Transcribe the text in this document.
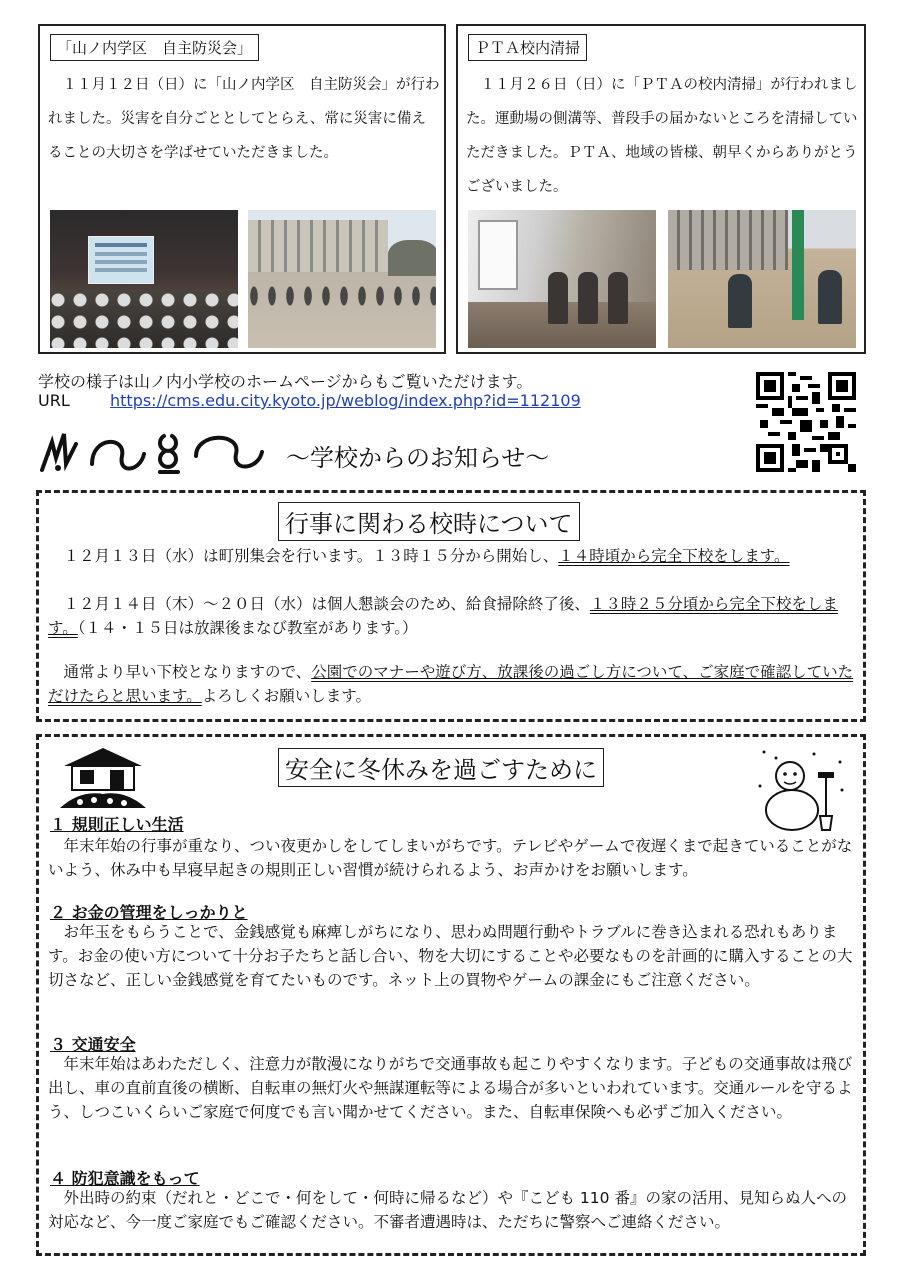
「山ノ内学区　自主防災会」

　１１月１２日（日）に「山ノ内学区　自主防災会」が行われました。災害を自分ごととしてとらえ、常に災害に備えることの大切さを学ばせていただきました。

ＰＴＡ校内清掃

　１１月２６日（日）に「ＰＴＡの校内清掃」が行われました。運動場の側溝等、普段手の届かないところを清掃していただきました。ＰＴＡ、地域の皆様、朝早くからありがとうございました。

学校の様子は山ノ内小学校のホームページからもご覧いただけます。
URL	https://cms.edu.city.kyoto.jp/weblog/index.php?id=112109
～学校からのお知らせ～
行事に関わる校時について
　１２月１３日（水）は町別集会を行います。１３時１５分から開始し、１４時頃から完全下校をします。
　１２月１４日（木）～２０日（水）は個人懇談会のため、給食掃除終了後、１３時２５分頃から完全下校をします。（１４・１５日は放課後まなび教室があります。）
　通常より早い下校となりますので、公園でのマナーや遊び方、放課後の過ごし方について、ご家庭で確認していただけたらと思います。よろしくお願いします。
安全に冬休みを過ごすために
１ 規則正しい生活
　年末年始の行事が重なり、つい夜更かしをしてしまいがちです。テレビやゲームで夜遅くまで起きていることがないよう、休み中も早寝早起きの規則正しい習慣が続けられるよう、お声かけをお願いします。
２ お金の管理をしっかりと
　お年玉をもらうことで、金銭感覚も麻痺しがちになり、思わぬ問題行動やトラブルに巻き込まれる恐れもあります。お金の使い方について十分お子たちと話し合い、物を大切にすることや必要なものを計画的に購入することの大切さなど、正しい金銭感覚を育てたいものです。ネット上の買物やゲームの課金にもご注意ください。
３ 交通安全
　年末年始はあわただしく、注意力が散漫になりがちで交通事故も起こりやすくなります。子どもの交通事故は飛び出し、車の直前直後の横断、自転車の無灯火や無謀運転等による場合が多いといわれています。交通ルールを守るよう、しつこいくらいご家庭で何度でも言い聞かせてください。また、自転車保険へも必ずご加入ください。
４ 防犯意識をもって
　外出時の約束（だれと・どこで・何をして・何時に帰るなど）や『こども 110 番』の家の活用、見知らぬ人への対応など、今一度ご家庭でもご確認ください。不審者遭遇時は、ただちに警察へご連絡ください。
